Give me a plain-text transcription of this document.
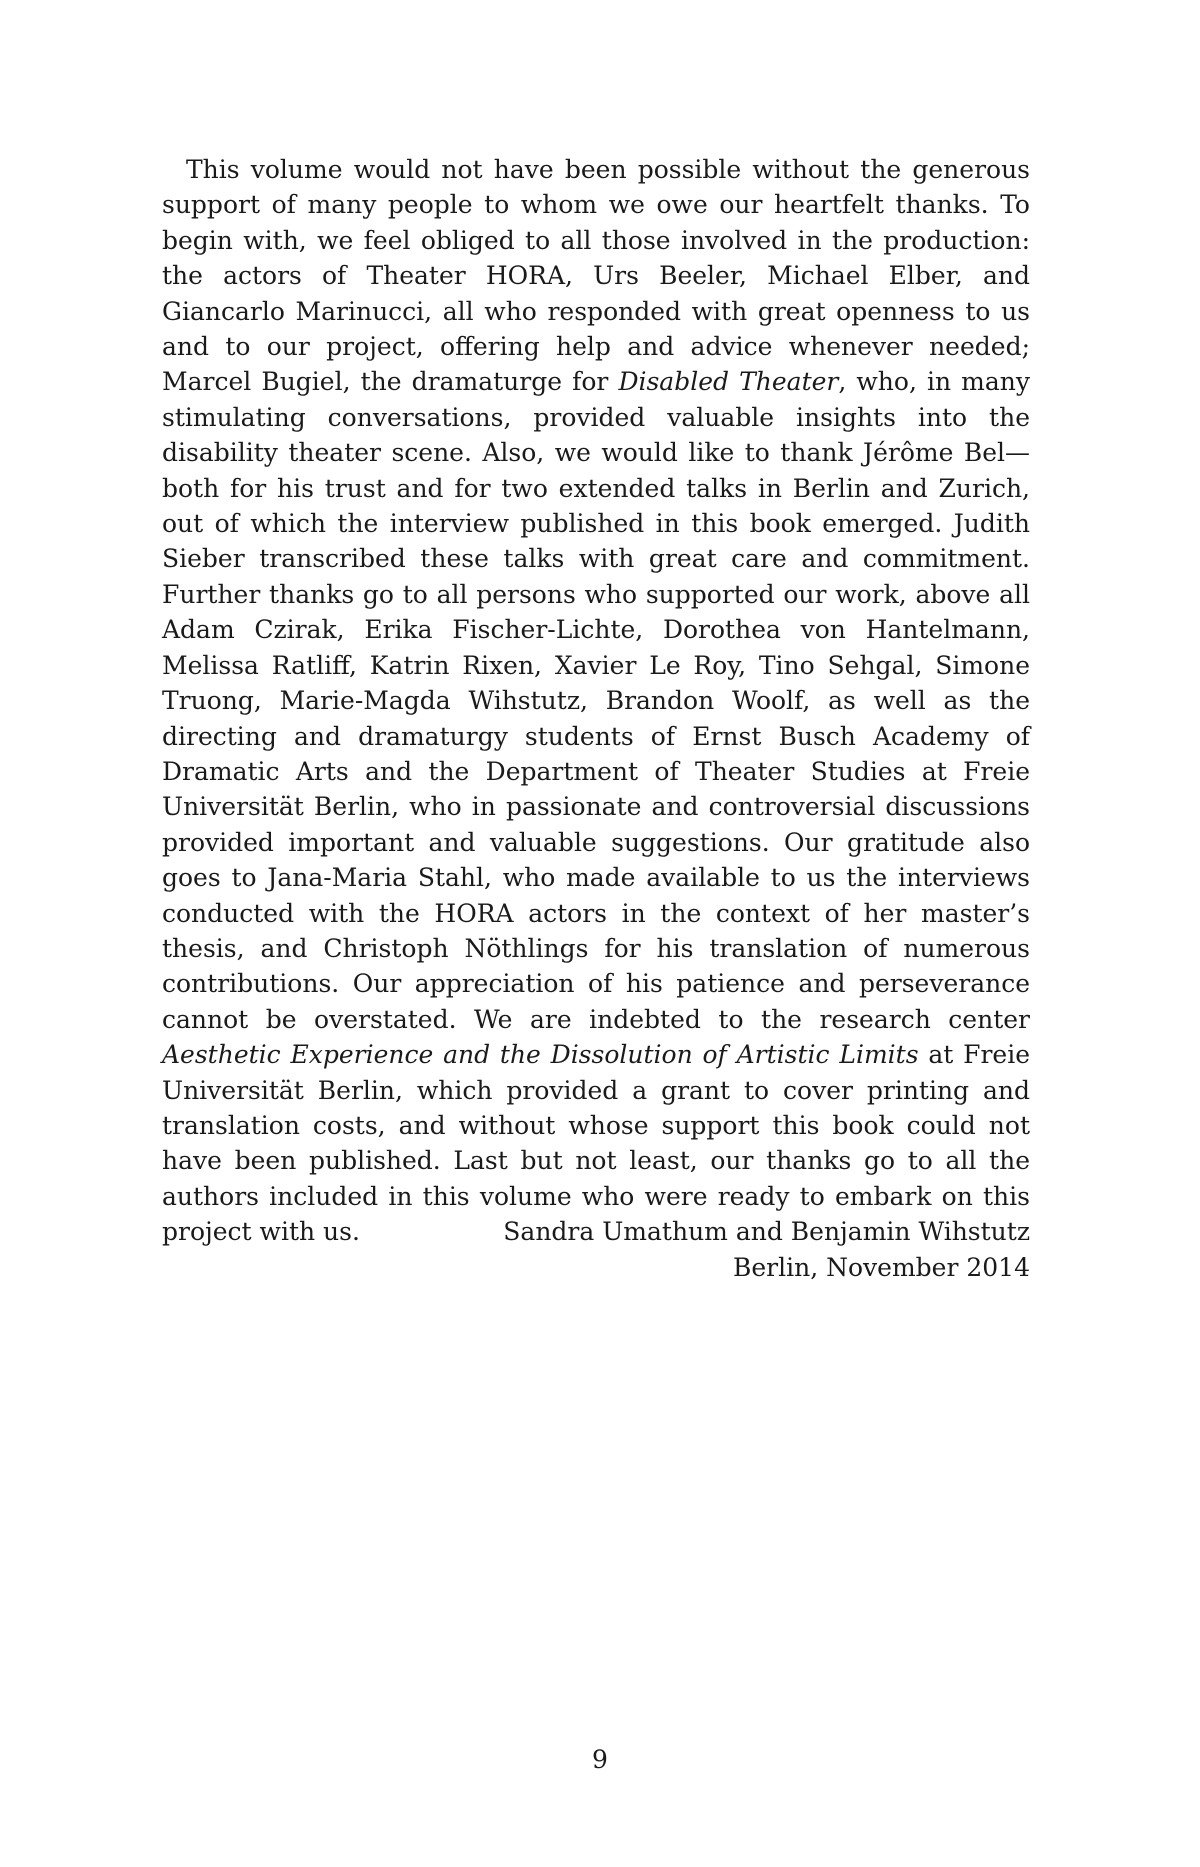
This volume would not have been possible without the generous support of many people to whom we owe our heartfelt thanks. To begin with, we feel obliged to all those involved in the production: the actors of Theater HORA, Urs Beeler, Michael Elber, and Giancarlo Marinucci, all who responded with great openness to us and to our project, offering help and advice whenever needed; Marcel Bugiel, the dramaturge for Disabled Theater, who, in many stimulating conversations, provided valuable insights into the disability theater scene. Also, we would like to thank Jérôme Bel—both for his trust and for two extended talks in Berlin and Zurich, out of which the interview published in this book emerged. Judith Sieber transcribed these talks with great care and commitment. Further thanks go to all persons who supported our work, above all Adam Czirak, Erika Fischer-Lichte, Dorothea von Hantelmann, Melissa Ratliff, Katrin Rixen, Xavier Le Roy, Tino Sehgal, Simone Truong, Marie-Magda Wihstutz, Brandon Woolf, as well as the directing and dramaturgy students of Ernst Busch Academy of Dramatic Arts and the Department of Theater Studies at Freie Universität Berlin, who in passionate and controversial discussions provided important and valuable suggestions. Our gratitude also goes to Jana-Maria Stahl, who made available to us the interviews conducted with the HORA actors in the context of her master’s thesis, and Christoph Nöthlings for his translation of numerous contributions. Our appreciation of his patience and perseverance cannot be overstated. We are indebted to the research center Aesthetic Experience and the Dissolution of Artistic Limits at Freie Universität Berlin, which provided a grant to cover printing and translation costs, and without whose support this book could not have been published. Last but not least, our thanks go to all the authors included in this volume who were ready to embark on this project with us.	Sandra Umathum and Benjamin Wihstutz
Berlin, November 2014
9
